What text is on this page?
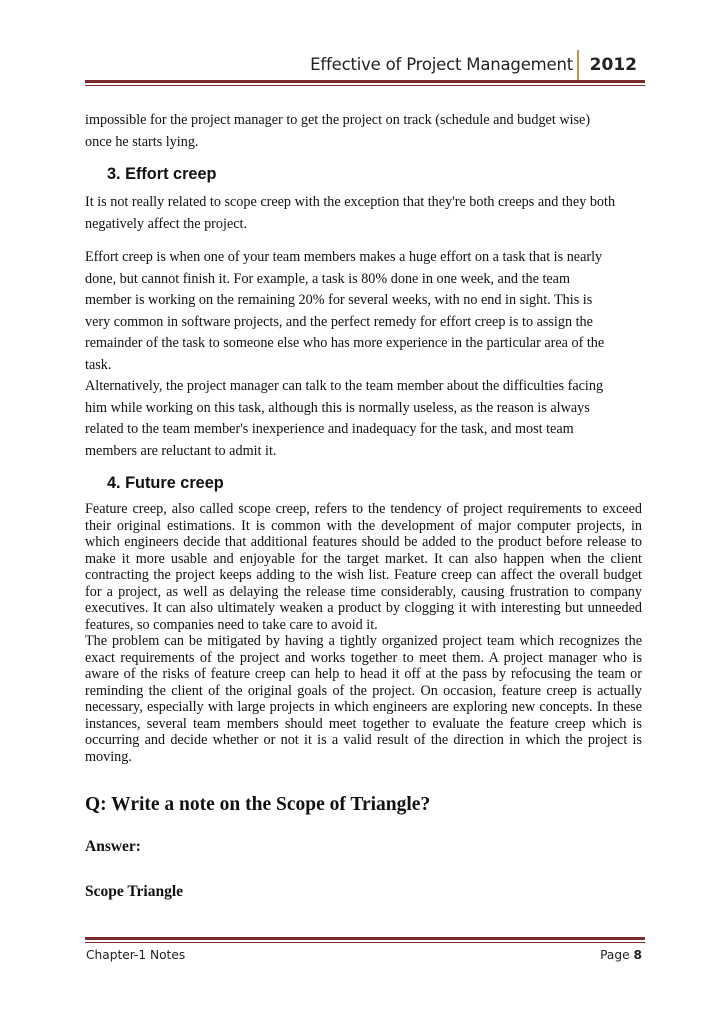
Effective of Project Management 2012

impossible for the project manager to get the project on track (schedule and budget wise)
once he starts lying.

3. Effort creep

It is not really related to scope creep with the exception that they're both creeps and they both
negatively affect the project.

Effort creep is when one of your team members makes a huge effort on a task that is nearly
done, but cannot finish it. For example, a task is 80% done in one week, and the team
member is working on the remaining 20% for several weeks, with no end in sight. This is
very common in software projects, and the perfect remedy for effort creep is to assign the
remainder of the task to someone else who has more experience in the particular area of the
task.

Alternatively, the project manager can talk to the team member about the difficulties facing
him while working on this task, although this is normally useless, as the reason is always
related to the team member's inexperience and inadequacy for the task, and most team
members are reluctant to admit it.

4. Future creep

Feature creep, also called scope creep, refers to the tendency of project requirements to exceed their original estimations. It is common with the development of major computer projects, in which engineers decide that additional features should be added to the product before release to make it more usable and enjoyable for the target market. It can also happen when the client contracting the project keeps adding to the wish list. Feature creep can affect the overall budget for a project, as well as delaying the release time considerably, causing frustration to company executives. It can also ultimately weaken a product by clogging it with interesting but unneeded features, so companies need to take care to avoid it.

The problem can be mitigated by having a tightly organized project team which recognizes the exact requirements of the project and works together to meet them. A project manager who is aware of the risks of feature creep can help to head it off at the pass by refocusing the team or reminding the client of the original goals of the project. On occasion, feature creep is actually necessary, especially with large projects in which engineers are exploring new concepts. In these instances, several team members should meet together to evaluate the feature creep which is occurring and decide whether or not it is a valid result of the direction in which the project is moving.

Q: Write a note on the Scope of Triangle?
Answer:
Scope Triangle
Chapter-1 Notes	Page 8
